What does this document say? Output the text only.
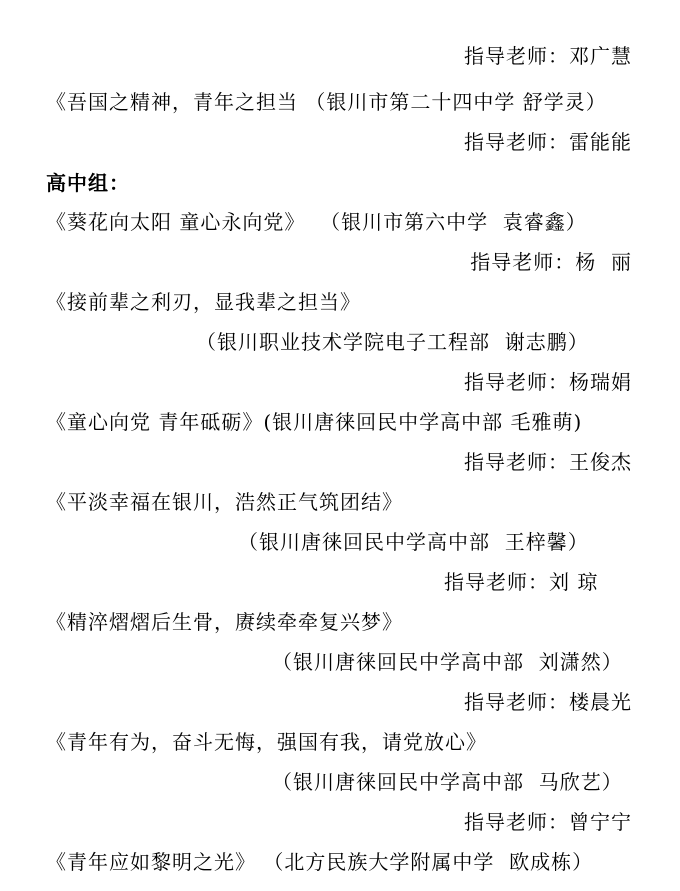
指导老师：邓广慧
《吾国之精神，青年之担当 （银川市第二十四中学 舒学灵）
指导老师：雷能能
高中组：
《葵花向太阳 童心永向党》  （银川市第六中学  袁睿鑫）
指导老师：杨  丽
《接前辈之利刃，显我辈之担当》
（银川职业技术学院电子工程部  谢志鹏）
指导老师：杨瑞娟
《童心向党 青年砥砺》(银川唐徕回民中学高中部 毛雅萌)
指导老师：王俊杰
《平淡幸福在银川，浩然正气筑团结》
（银川唐徕回民中学高中部  王梓馨）
指导老师：刘 琼
《精淬熠熠后生骨，赓续牵牵复兴梦》
（银川唐徕回民中学高中部  刘潇然）
指导老师：楼晨光
《青年有为，奋斗无悔，强国有我，请党放心》
（银川唐徕回民中学高中部  马欣艺）
指导老师：曾宁宁
《青年应如黎明之光》 （北方民族大学附属中学  欧成栋）
